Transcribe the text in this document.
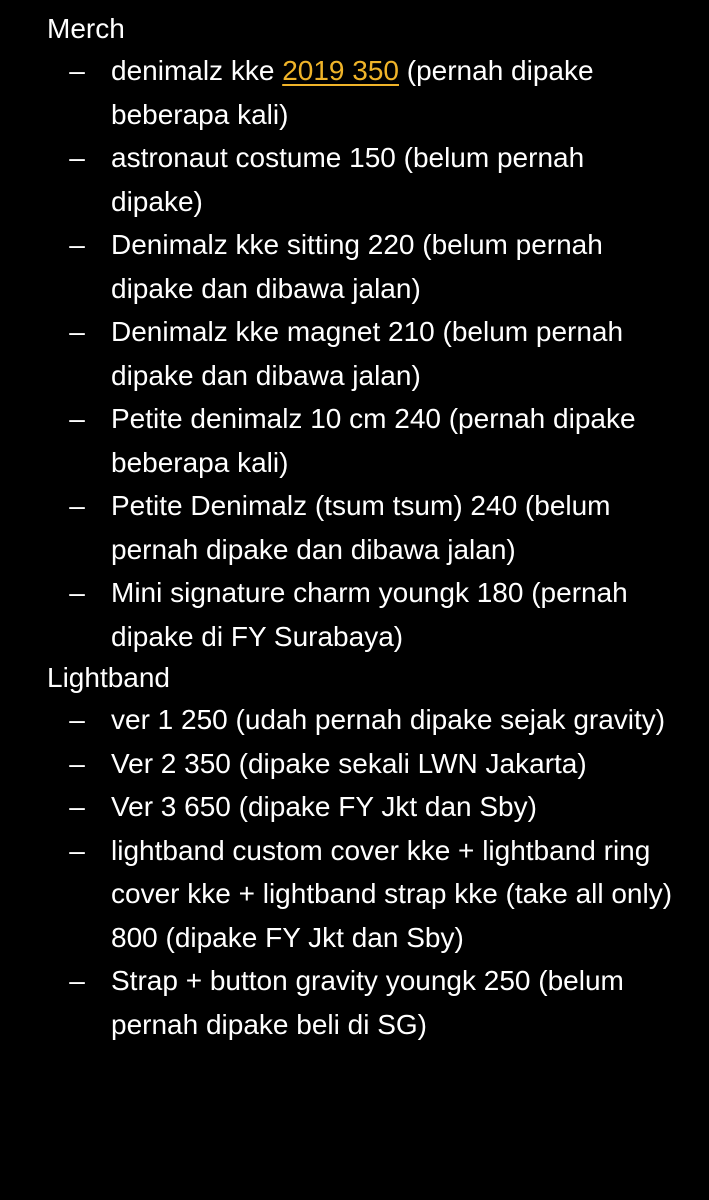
Merch
– denimalz kke 2019 350 (pernah dipake beberapa kali)
– astronaut costume 150 (belum pernah dipake)
– Denimalz kke sitting 220 (belum pernah dipake dan dibawa jalan)
– Denimalz kke magnet 210 (belum pernah dipake dan dibawa jalan)
– Petite denimalz 10 cm 240 (pernah dipake beberapa kali)
– Petite Denimalz (tsum tsum) 240 (belum pernah dipake dan dibawa jalan)
– Mini signature charm youngk 180 (pernah dipake di FY Surabaya)
Lightband
– ver 1 250 (udah pernah dipake sejak gravity)
– Ver 2 350 (dipake sekali LWN Jakarta)
– Ver 3 650 (dipake FY Jkt dan Sby)
– lightband custom cover kke + lightband ring cover kke + lightband strap kke (take all only) 800 (dipake FY Jkt dan Sby)
– Strap + button gravity youngk 250 (belum pernah dipake beli di SG)
